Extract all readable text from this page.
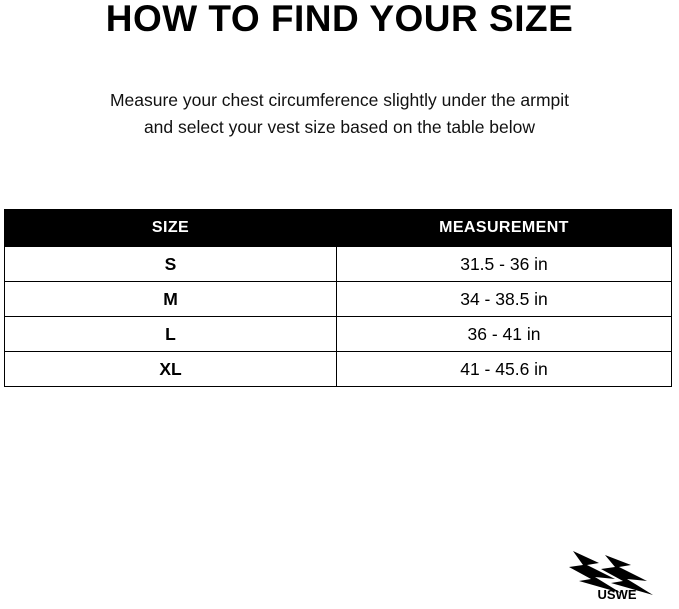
HOW TO FIND YOUR SIZE

Measure your chest circumference slightly under the armpit
and select your vest size based on the table below

SIZE	MEASUREMENT
S	31.5 - 36 in
M	34 - 38.5 in
L	36 - 41 in
XL	41 - 45.6 in
USWE
